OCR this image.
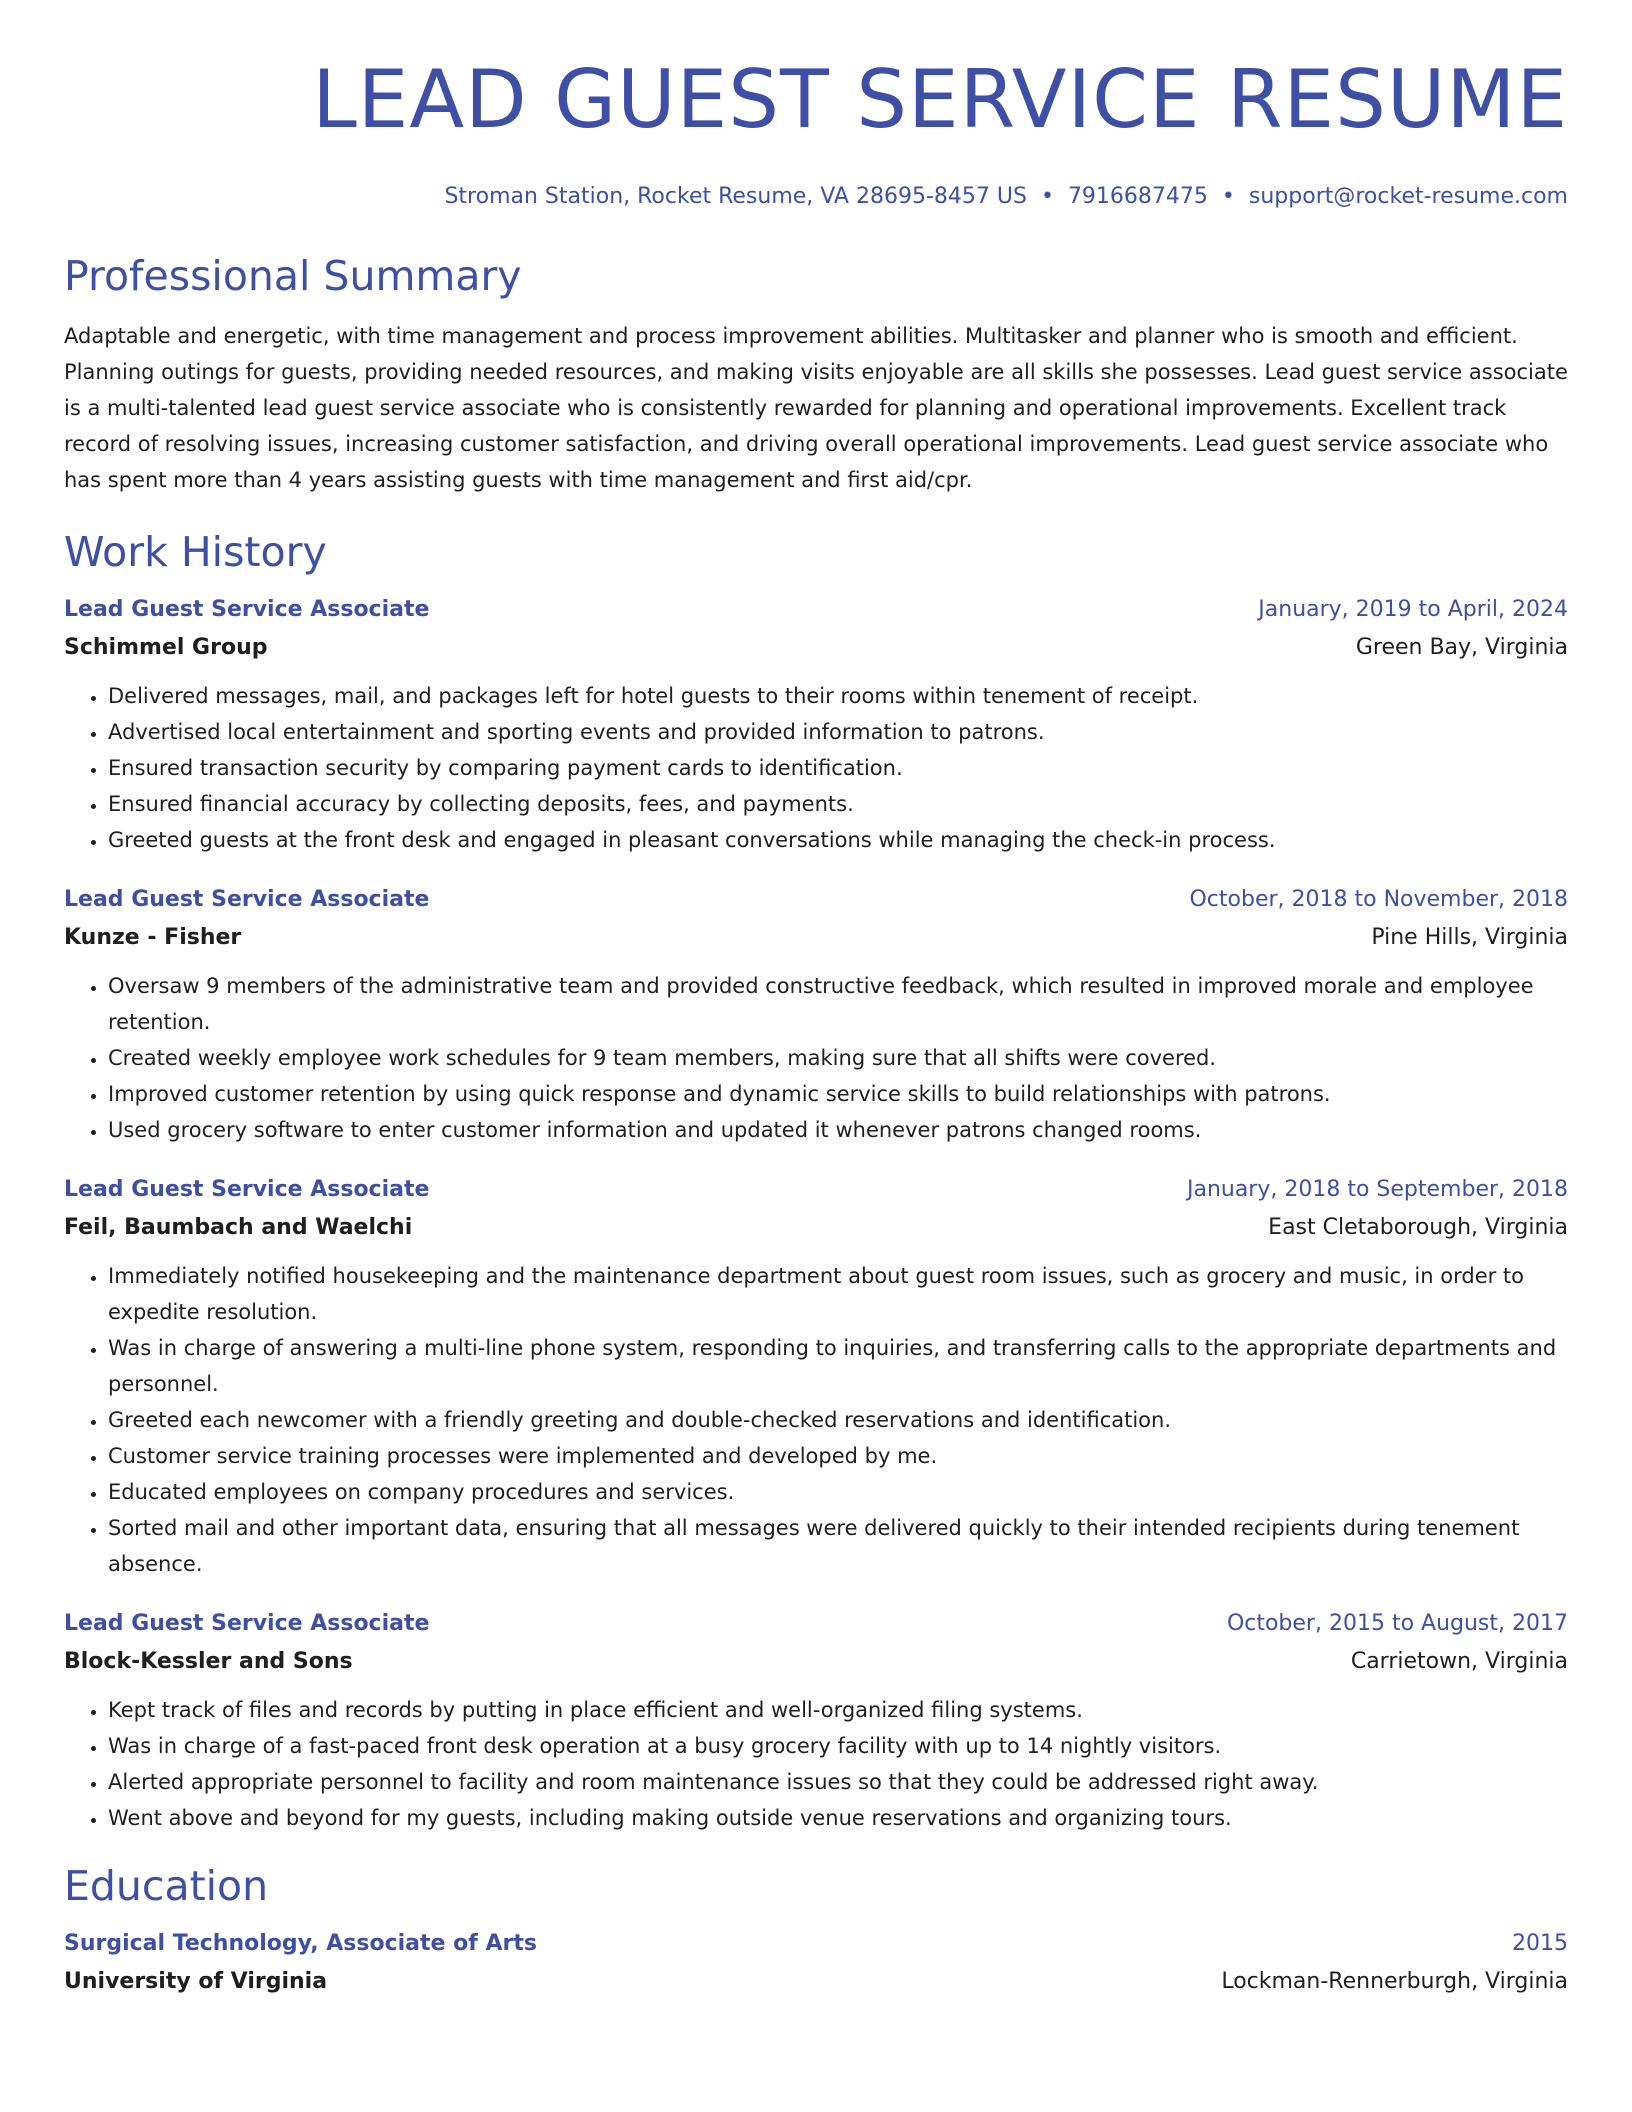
LEAD GUEST SERVICE RESUME
Stroman Station, Rocket Resume, VA 28695-8457 US • 7916687475 • support@rocket-resume.com
Professional Summary

Adaptable and energetic, with time management and process improvement abilities. Multitasker and planner who is smooth and efficient. Planning outings for guests, providing needed resources, and making visits enjoyable are all skills she possesses. Lead guest service associate is a multi-talented lead guest service associate who is consistently rewarded for planning and operational improvements. Excellent track record of resolving issues, increasing customer satisfaction, and driving overall operational improvements. Lead guest service associate who has spent more than 4 years assisting guests with time management and first aid/cpr.

Work History
Lead Guest Service Associate	January, 2019 to April, 2024
Schimmel Group	Green Bay, Virginia
• Delivered messages, mail, and packages left for hotel guests to their rooms within tenement of receipt.
• Advertised local entertainment and sporting events and provided information to patrons.
• Ensured transaction security by comparing payment cards to identification.
• Ensured financial accuracy by collecting deposits, fees, and payments.
• Greeted guests at the front desk and engaged in pleasant conversations while managing the check-in process.
Lead Guest Service Associate	October, 2018 to November, 2018
Kunze - Fisher	Pine Hills, Virginia
• Oversaw 9 members of the administrative team and provided constructive feedback, which resulted in improved morale and employee retention.
• Created weekly employee work schedules for 9 team members, making sure that all shifts were covered.
• Improved customer retention by using quick response and dynamic service skills to build relationships with patrons.
• Used grocery software to enter customer information and updated it whenever patrons changed rooms.
Lead Guest Service Associate	January, 2018 to September, 2018
Feil, Baumbach and Waelchi	East Cletaborough, Virginia
• Immediately notified housekeeping and the maintenance department about guest room issues, such as grocery and music, in order to expedite resolution.
• Was in charge of answering a multi-line phone system, responding to inquiries, and transferring calls to the appropriate departments and personnel.
• Greeted each newcomer with a friendly greeting and double-checked reservations and identification.
• Customer service training processes were implemented and developed by me.
• Educated employees on company procedures and services.
• Sorted mail and other important data, ensuring that all messages were delivered quickly to their intended recipients during tenement absence.
Lead Guest Service Associate	October, 2015 to August, 2017
Block-Kessler and Sons	Carrietown, Virginia
• Kept track of files and records by putting in place efficient and well-organized filing systems.
• Was in charge of a fast-paced front desk operation at a busy grocery facility with up to 14 nightly visitors.
• Alerted appropriate personnel to facility and room maintenance issues so that they could be addressed right away.
• Went above and beyond for my guests, including making outside venue reservations and organizing tours.
Education
Surgical Technology, Associate of Arts	2015
University of Virginia	Lockman-Rennerburgh, Virginia
